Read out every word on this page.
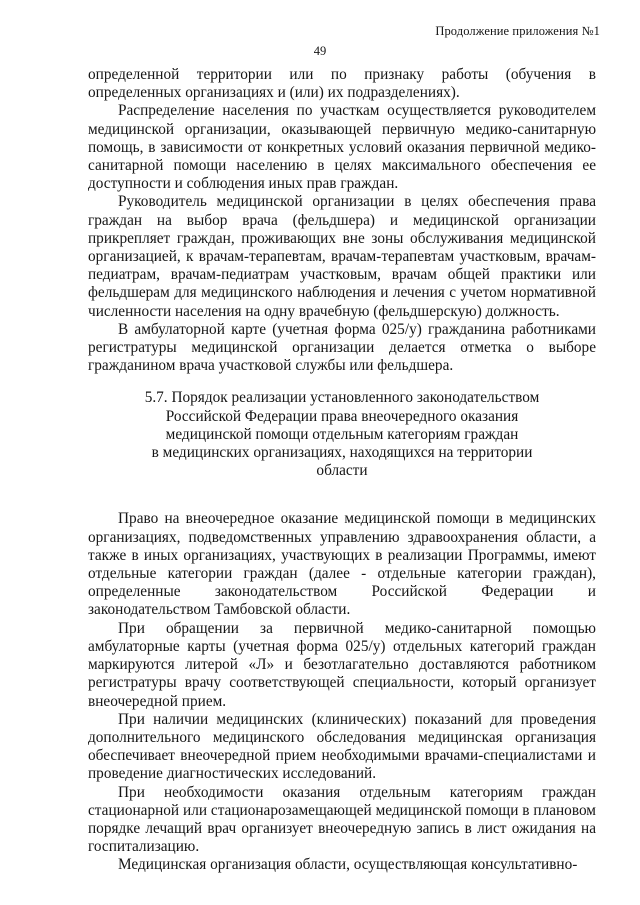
Продолжение приложения №1
49

определенной территории или по признаку работы (обучения в определенных организациях и (или) их подразделениях).

Распределение населения по участкам осуществляется руководителем медицинской организации, оказывающей первичную медико-санитарную помощь, в зависимости от конкретных условий оказания первичной медико-санитарной помощи населению в целях максимального обеспечения ее доступности и соблюдения иных прав граждан.

Руководитель медицинской организации в целях обеспечения права граждан на выбор врача (фельдшера) и медицинской организации прикрепляет граждан, проживающих вне зоны обслуживания медицинской организацией, к врачам-терапевтам, врачам-терапевтам участковым, врачам-педиатрам, врачам-педиатрам участковым, врачам общей практики или фельдшерам для медицинского наблюдения и лечения с учетом нормативной численности населения на одну врачебную (фельдшерскую) должность.

В амбулаторной карте (учетная форма 025/у) гражданина работниками регистратуры медицинской организации делается отметка о выборе гражданином врача участковой службы или фельдшера.

5.7. Порядок реализации установленного законодательством
Российской Федерации права внеочередного оказания
медицинской помощи отдельным категориям граждан
в медицинских организациях, находящихся на территории
области

Право на внеочередное оказание медицинской помощи в медицинских организациях, подведомственных управлению здравоохранения области, а также в иных организациях, участвующих в реализации Программы, имеют отдельные категории граждан (далее - отдельные категории граждан), определенные законодательством Российской Федерации и законодательством Тамбовской области.

При обращении за первичной медико-санитарной помощью амбулаторные карты (учетная форма 025/у) отдельных категорий граждан маркируются литерой «Л» и безотлагательно доставляются работником регистратуры врачу соответствующей специальности, который организует внеочередной прием.

При наличии медицинских (клинических) показаний для проведения дополнительного медицинского обследования медицинская организация обеспечивает внеочередной прием необходимыми врачами-специалистами и проведение диагностических исследований.

При необходимости оказания отдельным категориям граждан стационарной или стационарозамещающей медицинской помощи в плановом порядке лечащий врач организует внеочередную запись в лист ожидания на госпитализацию.

Медицинская организация области, осуществляющая консультативно-
